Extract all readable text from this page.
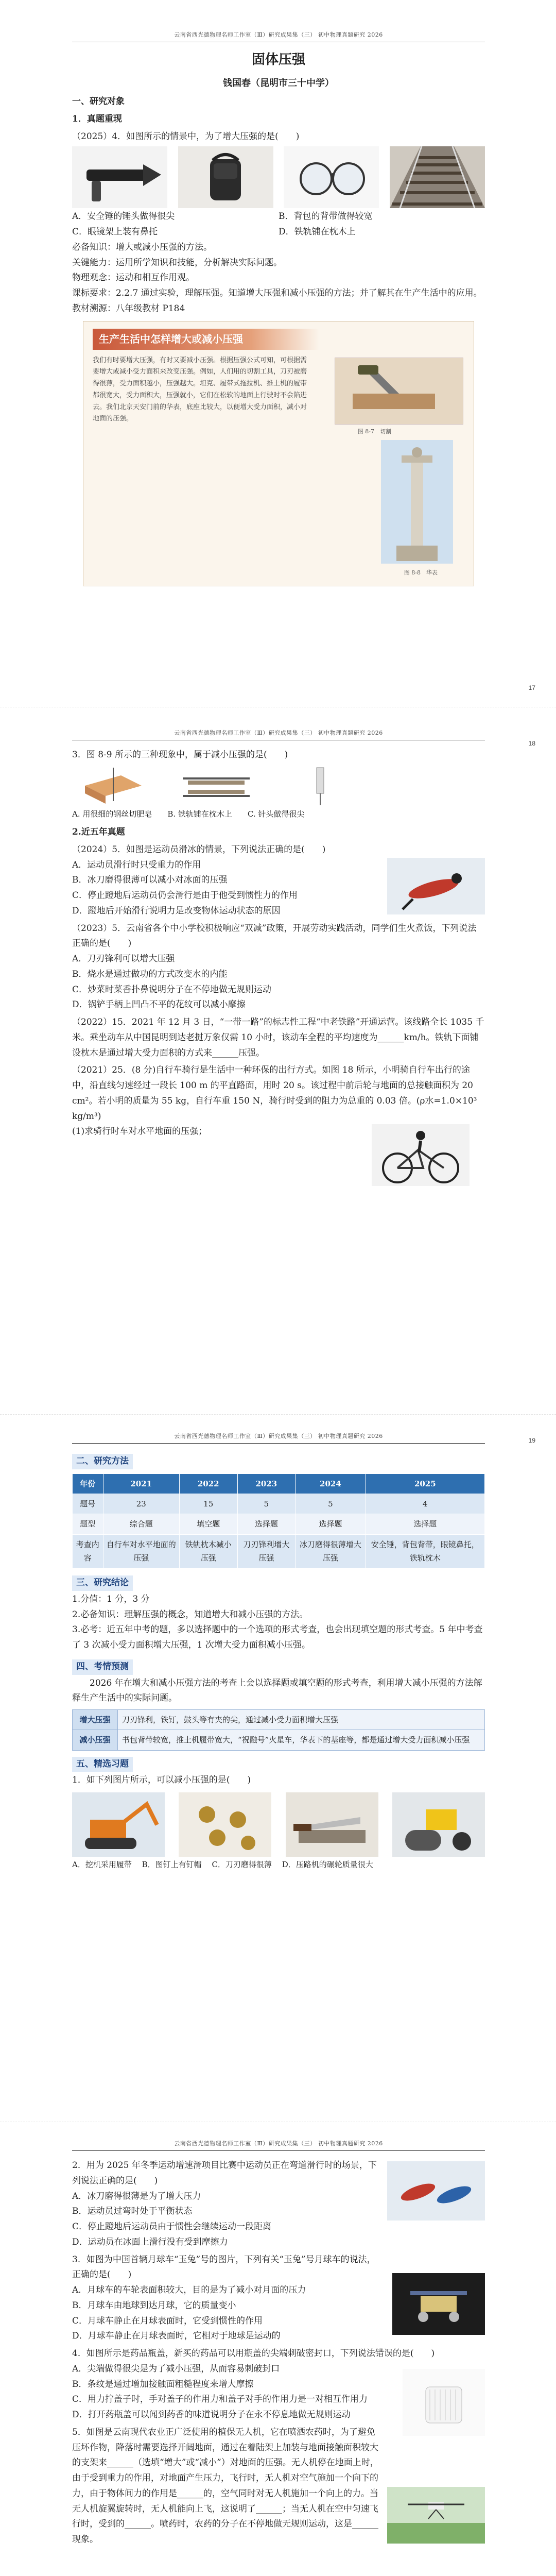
云南省西光德物理名师工作室（Ⅲ）研究成果集（三） 初中物理真题研究 2026
固体压强
钱国春（昆明市三十中学）
一、研究对象
1．真题重现

（2025）4．如图所示的情景中，为了增大压强的是(　　)

A．安全锤的锤头做得很尖	B．背包的背带做得较宽
C．眼镜架上装有鼻托	D．铁轨铺在枕木上

必备知识：增大或减小压强的方法。

关键能力：运用所学知识和技能，分析解决实际问题。

物理观念：运动和相互作用观。

课标要求：2.2.7 通过实验，理解压强。知道增大压强和减小压强的方法；并了解其在生产生活中的应用。

教材溯源：八年级教材 P184

生产生活中怎样增大或减小压强
我们有时要增大压强，有时又要减小压强。根据压强公式可知，可根据需要增大或减小受力面积来改变压强。例如，人们用的切割工具，刀刃被磨得很薄，受力面积越小，压强越大。坦克、履带式拖拉机、推土机的履带都很宽大，受力面积大，压强就小，它们在松软的地面上行驶时不会陷进去。我们北京天安门前的华表，底座比较大，以便增大受力面积，减小对地面的压强。
图 8-7　切割
图 8-8　华表
17
云南省西光德物理名师工作室（Ⅲ）研究成果集（三） 初中物理真题研究 2026

3．图 8-9 所示的三种现象中，属于减小压强的是(　　)

A. 用很细的钢丝切肥皂 B. 铁轨铺在枕木上 C. 针头做得很尖
2.近五年真题

（2024）5．如图是运动员滑冰的情景，下列说法正确的是(　　)

A．运动员滑行时只受重力的作用

B．冰刀磨得很薄可以减小对冰面的压强

C．停止蹬地后运动员仍会滑行是由于他受到惯性力的作用

D．蹬地后开始滑行说明力是改变物体运动状态的原因

（2023）5．云南省各个中小学校积极响应“双减”政策，开展劳动实践活动，同学们生火煮饭，下列说法正确的是(　　)

A．刀刃锋利可以增大压强

B．烧水是通过做功的方式改变水的内能

C．炒菜时菜香扑鼻说明分子在不停地做无规则运动

D．锅铲手柄上凹凸不平的花纹可以减小摩擦

（2022）15．2021 年 12 月 3 日，“一带一路”的标志性工程“中老铁路”开通运营。该线路全长 1035 千米。乘坐动车从中国昆明到达老挝万象仅需 10 小时，该动车全程的平均速度为______km/h。铁轨下面铺设枕木是通过增大受力面积的方式来______压强。

（2021）25．(8 分)自行车骑行是生活中一种环保的出行方式。如图 18 所示，小明骑自行车出行的途中，沿直线匀速经过一段长 100 m 的平直路面，用时 20 s。该过程中前后轮与地面的总接触面积为 20 cm²。若小明的质量为 55 kg，自行车重 150 N，骑行时受到的阻力为总重的 0.03 倍。(ρ水=1.0×10³ kg/m³)

(1)求骑行时车对水平地面的压强；

18
云南省西光德物理名师工作室（Ⅲ）研究成果集（三） 初中物理真题研究 2026
二、研究方法
年份	2021	2022	2023	2024	2025
题号	23	15	5	5	4
题型	综合题	填空题	选择题	选择题	选择题
考查内容	自行车对水平地面的压强	铁轨枕木减小压强	刀刃锋利增大压强	冰刀磨得很薄增大压强	安全锤，背包背带，眼镜鼻托，铁轨枕木
三、研究结论

1.分值：1 分，3 分

2.必备知识：理解压强的概念，知道增大和减小压强的方法。

3.必考：近五年中考的题，多以选择题中的一个选项的形式考查，也会出现填空题的形式考查。5 年中考查了 3 次减小受力面积增大压强，1 次增大受力面积减小压强。

四、考情预测

2026 年在增大和减小压强方法的考查上会以选择题或填空题的形式考查，利用增大减小压强的方法解释生产生活中的实际问题。

增大压强	刀刃锋利，铁钉，鼓头等有夹的尖，通过减小受力面积增大压强
减小压强	书包背带较宽，推土机履带宽大，“祝融号”火星车，华表下的基座等，都是通过增大受力面积减小压强
五、精选习题

1．如下列图片所示，可以减小压强的是(　　)

A．挖机采用履带　 B．图钉上有钉帽　 C．刀刃磨得很薄　 D．压路机的碾轮质量很大

19
云南省西光德物理名师工作室（Ⅲ）研究成果集（三） 初中物理真题研究 2026

2．用为 2025 年冬季运动增速滑项目比赛中运动员正在弯道滑行时的场景，下列说法正确的是(　　)

A．冰刀磨得很薄是为了增大压力

B．运动员过弯时处于平衡状态

C．停止蹬地后运动员由于惯性会继续运动一段距离

D．运动员在冰面上滑行没有受到摩擦力

3．如图为中国首辆月球车“玉兔”号的图片，下列有关“玉兔”号月球车的说法，正确的是(　　)

A．月球车的车轮表面积较大，目的是为了减小对月面的压力

B．月球车由地球到达月球，它的质量变小

C．月球车静止在月球表面时，它受到惯性的作用

D．月球车静止在月球表面时，它相对于地球是运动的

4．如图所示是药品瓶盖，新买的药品可以用瓶盖的尖端刺破密封口，下列说法错误的是(　　)

A．尖端做得很尖是为了减小压强，从而容易刺破封口

B．条纹是通过增加接触面粗糙程度来增大摩擦

C．用力拧盖子时，手对盖子的作用力和盖子对手的作用力是一对相互作用力

D．打开药瓶盖可以闻到药香的味道说明分子在永不停息地做无规则运动

5．如图是云南现代农业正广泛使用的植保无人机，它在喷洒农药时，为了避免压坏作物，降落时需要选择开阔地面，通过在着陆架上加装与地面接触面积较大的支架来______（选填“增大”或“减小”）对地面的压强。无人机停在地面上时，由于受到重力的作用，对地面产生压力，飞行时，无人机对空气施加一个向下的力，由于物体间力的作用是______的，空气同时对无人机施加一个向上的力。当无人机旋翼旋转时，无人机能向上飞，这说明了______；当无人机在空中匀速飞行时，受到的______。喷药时，农药的分子在不停地做无规则运动，这是______现象。
